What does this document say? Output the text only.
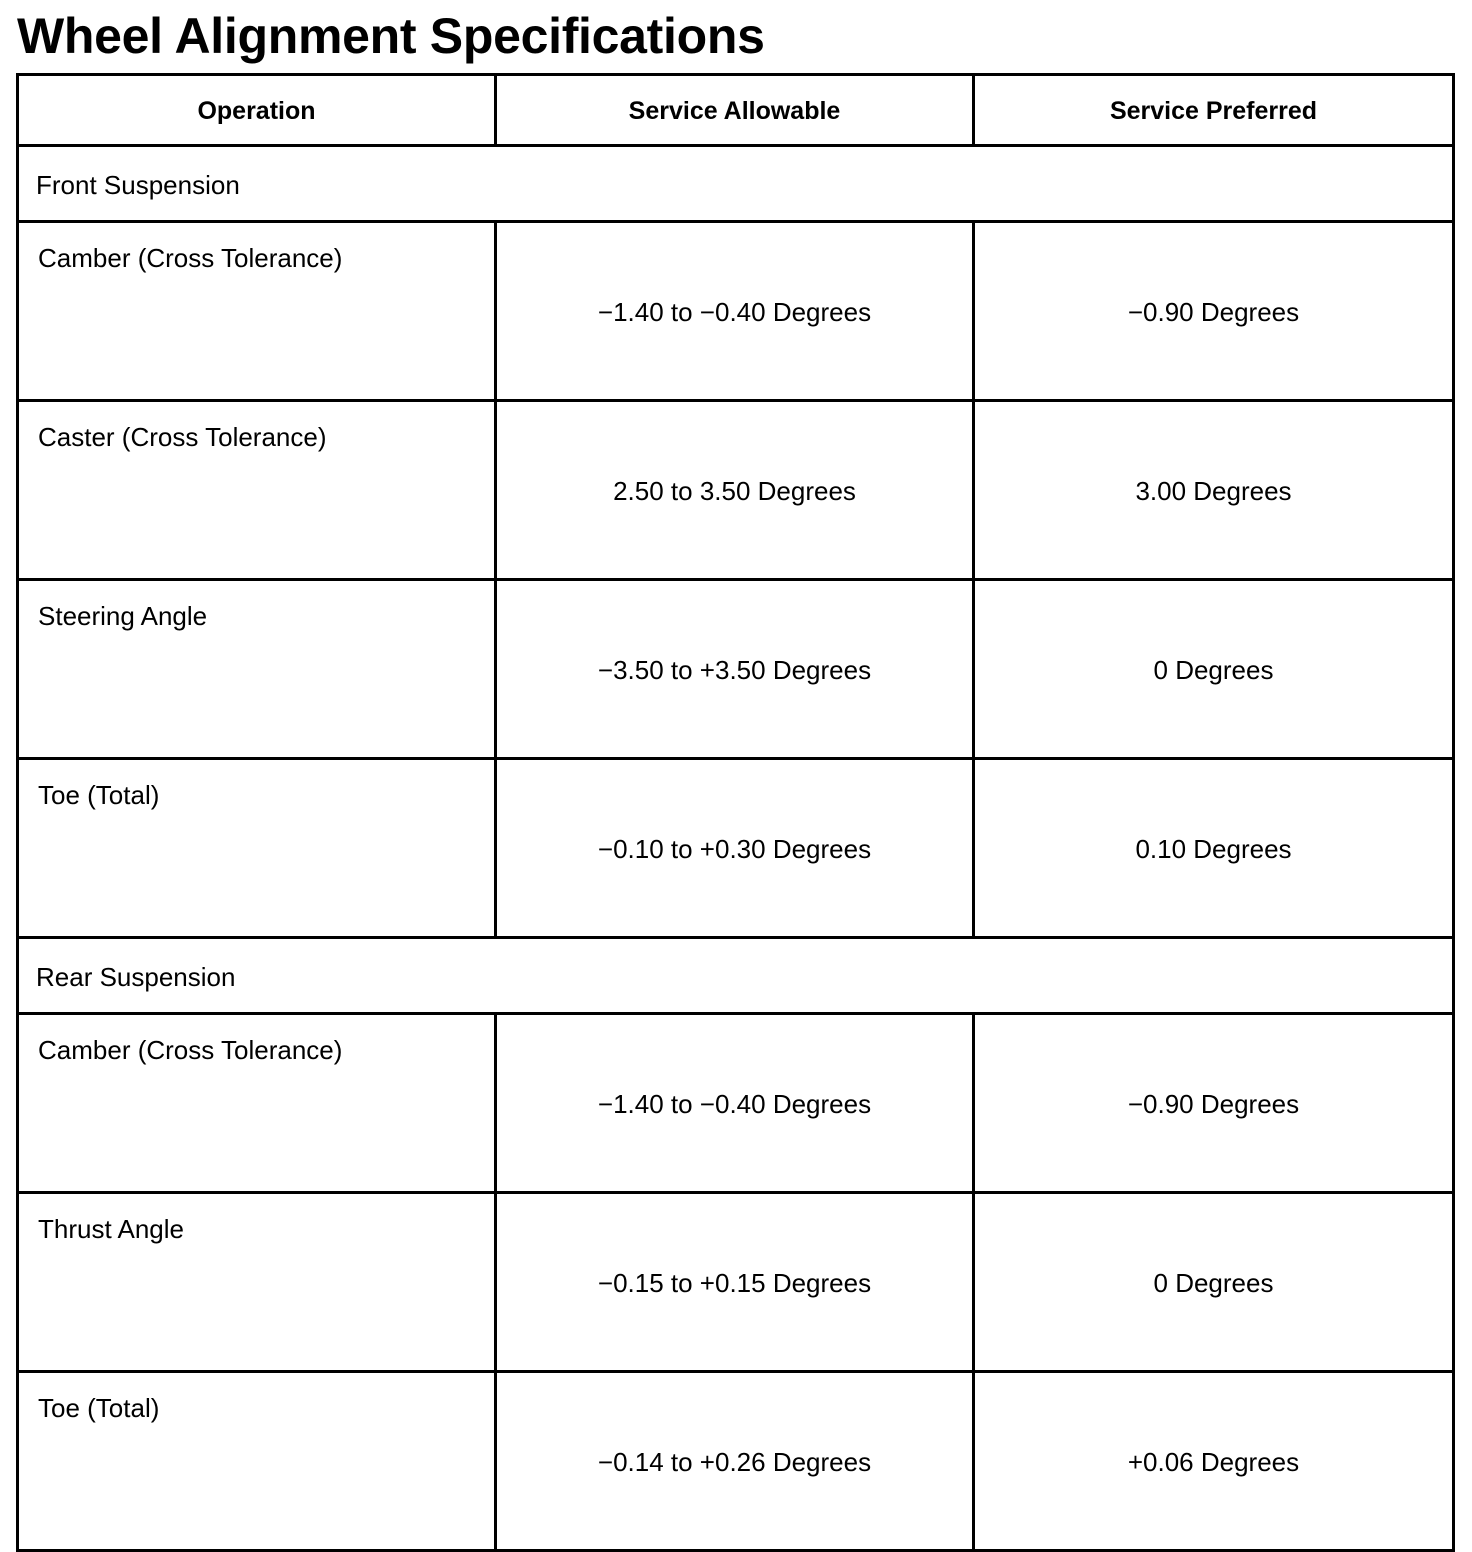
Wheel Alignment Specifications
Operation	Service Allowable	Service Preferred
Front Suspension		
Camber (Cross Tolerance)	−1.40 to −0.40 Degrees	−0.90 Degrees
Caster (Cross Tolerance)	2.50 to 3.50 Degrees	3.00 Degrees
Steering Angle	−3.50 to +3.50 Degrees	0 Degrees
Toe (Total)	−0.10 to +0.30 Degrees	0.10 Degrees
Rear Suspension		
Camber (Cross Tolerance)	−1.40 to −0.40 Degrees	−0.90 Degrees
Thrust Angle	−0.15 to +0.15 Degrees	0 Degrees
Toe (Total)	−0.14 to +0.26 Degrees	+0.06 Degrees
